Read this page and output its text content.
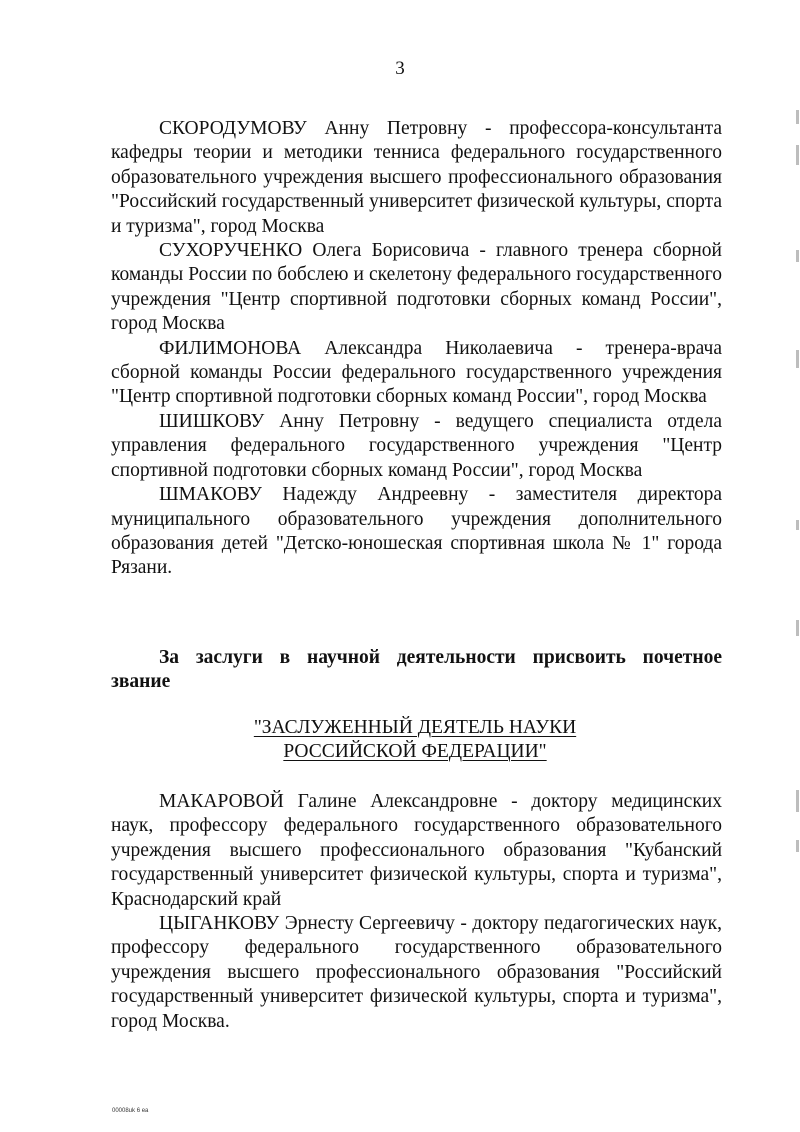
3

СКОРОДУМОВУ Анну Петровну - профессора-консультанта кафедры теории и методики тенниса федерального государственного образовательного учреждения высшего профессионального образования "Российский государственный университет физической культуры, спорта и туризма", город Москва

СУХОРУЧЕНКО Олега Борисовича - главного тренера сборной команды России по бобслею и скелетону федерального государственного учреждения "Центр спортивной подготовки сборных команд России", город Москва

ФИЛИМОНОВА Александра Николаевича - тренера-врача сборной команды России федерального государственного учреждения "Центр спортивной подготовки сборных команд России", город Москва

ШИШКОВУ Анну Петровну - ведущего специалиста отдела управления федерального государственного учреждения "Центр спортивной подготовки сборных команд России", город Москва

ШМАКОВУ Надежду Андреевну - заместителя директора муниципального образовательного учреждения дополнительного образования детей "Детско-юношеская спортивная школа № 1" города Рязани.

За заслуги в научной деятельности присвоить почетное звание

"ЗАСЛУЖЕННЫЙ ДЕЯТЕЛЬ НАУКИ
РОССИЙСКОЙ ФЕДЕРАЦИИ"

МАКАРОВОЙ Галине Александровне - доктору медицинских наук, профессору федерального государственного образовательного учреждения высшего профессионального образования "Кубанский государственный университет физической культуры, спорта и туризма", Краснодарский край

ЦЫГАНКОВУ Эрнесту Сергеевичу - доктору педагогических наук, профессору федерального государственного образовательного учреждения высшего профессионального образования "Российский государственный университет физической культуры, спорта и туризма", город Москва.

00008uk 6 ea
